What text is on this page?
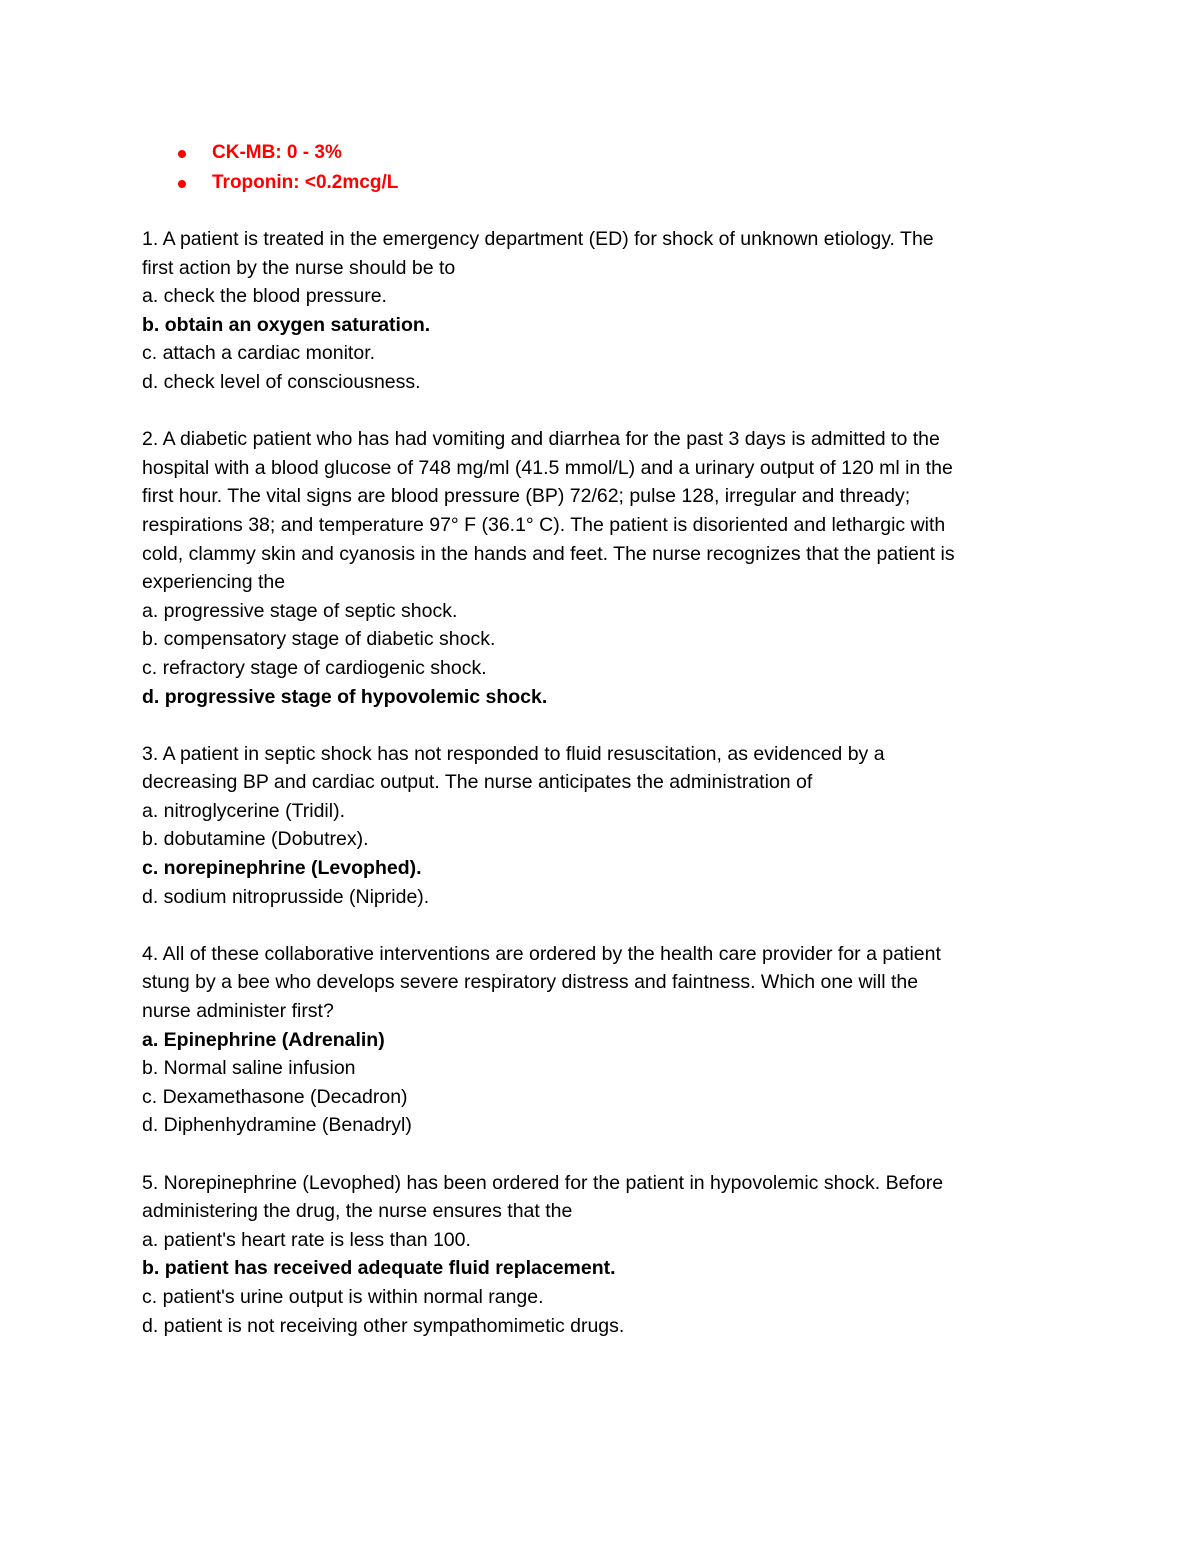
CK-MB: 0 - 3%
Troponin: <0.2mcg/L
1. A patient is treated in the emergency department (ED) for shock of unknown etiology. The
first action by the nurse should be to
a. check the blood pressure.
b. obtain an oxygen saturation.
c. attach a cardiac monitor.
d. check level of consciousness.
2. A diabetic patient who has had vomiting and diarrhea for the past 3 days is admitted to the
hospital with a blood glucose of 748 mg/ml (41.5 mmol/L) and a urinary output of 120 ml in the
first hour. The vital signs are blood pressure (BP) 72/62; pulse 128, irregular and thready;
respirations 38; and temperature 97° F (36.1° C). The patient is disoriented and lethargic with
cold, clammy skin and cyanosis in the hands and feet. The nurse recognizes that the patient is
experiencing the
a. progressive stage of septic shock.
b. compensatory stage of diabetic shock.
c. refractory stage of cardiogenic shock.
d. progressive stage of hypovolemic shock.
3. A patient in septic shock has not responded to fluid resuscitation, as evidenced by a
decreasing BP and cardiac output. The nurse anticipates the administration of
a. nitroglycerine (Tridil).
b. dobutamine (Dobutrex).
c. norepinephrine (Levophed).
d. sodium nitroprusside (Nipride).
4. All of these collaborative interventions are ordered by the health care provider for a patient
stung by a bee who develops severe respiratory distress and faintness. Which one will the
nurse administer first?
a. Epinephrine (Adrenalin)
b. Normal saline infusion
c. Dexamethasone (Decadron)
d. Diphenhydramine (Benadryl)
5. Norepinephrine (Levophed) has been ordered for the patient in hypovolemic shock. Before
administering the drug, the nurse ensures that the
a. patient's heart rate is less than 100.
b. patient has received adequate fluid replacement.
c. patient's urine output is within normal range.
d. patient is not receiving other sympathomimetic drugs.
